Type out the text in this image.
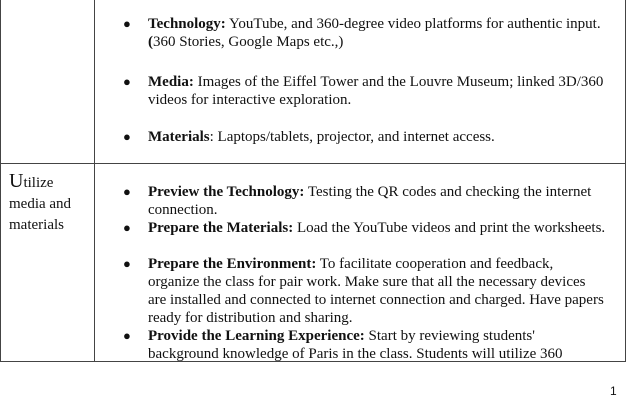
● Technology: YouTube, and 360-degree video platforms for authentic input. (360 Stories, Google Maps etc.,)
● Media: Images of the Eiffel Tower and the Louvre Museum; linked 3D/360 videos for interactive exploration.
● Materials: Laptops/tablets, projector, and internet access.
Utilize media and materials
● Preview the Technology: Testing the QR codes and checking the internet connection.
● Prepare the Materials: Load the YouTube videos and print the worksheets.
● Prepare the Environment: To facilitate cooperation and feedback, organize the class for pair work. Make sure that all the necessary devices are installed and connected to internet connection and charged. Have papers ready for distribution and sharing.
● Provide the Learning Experience: Start by reviewing students' background knowledge of Paris in the class. Students will utilize 360
1
